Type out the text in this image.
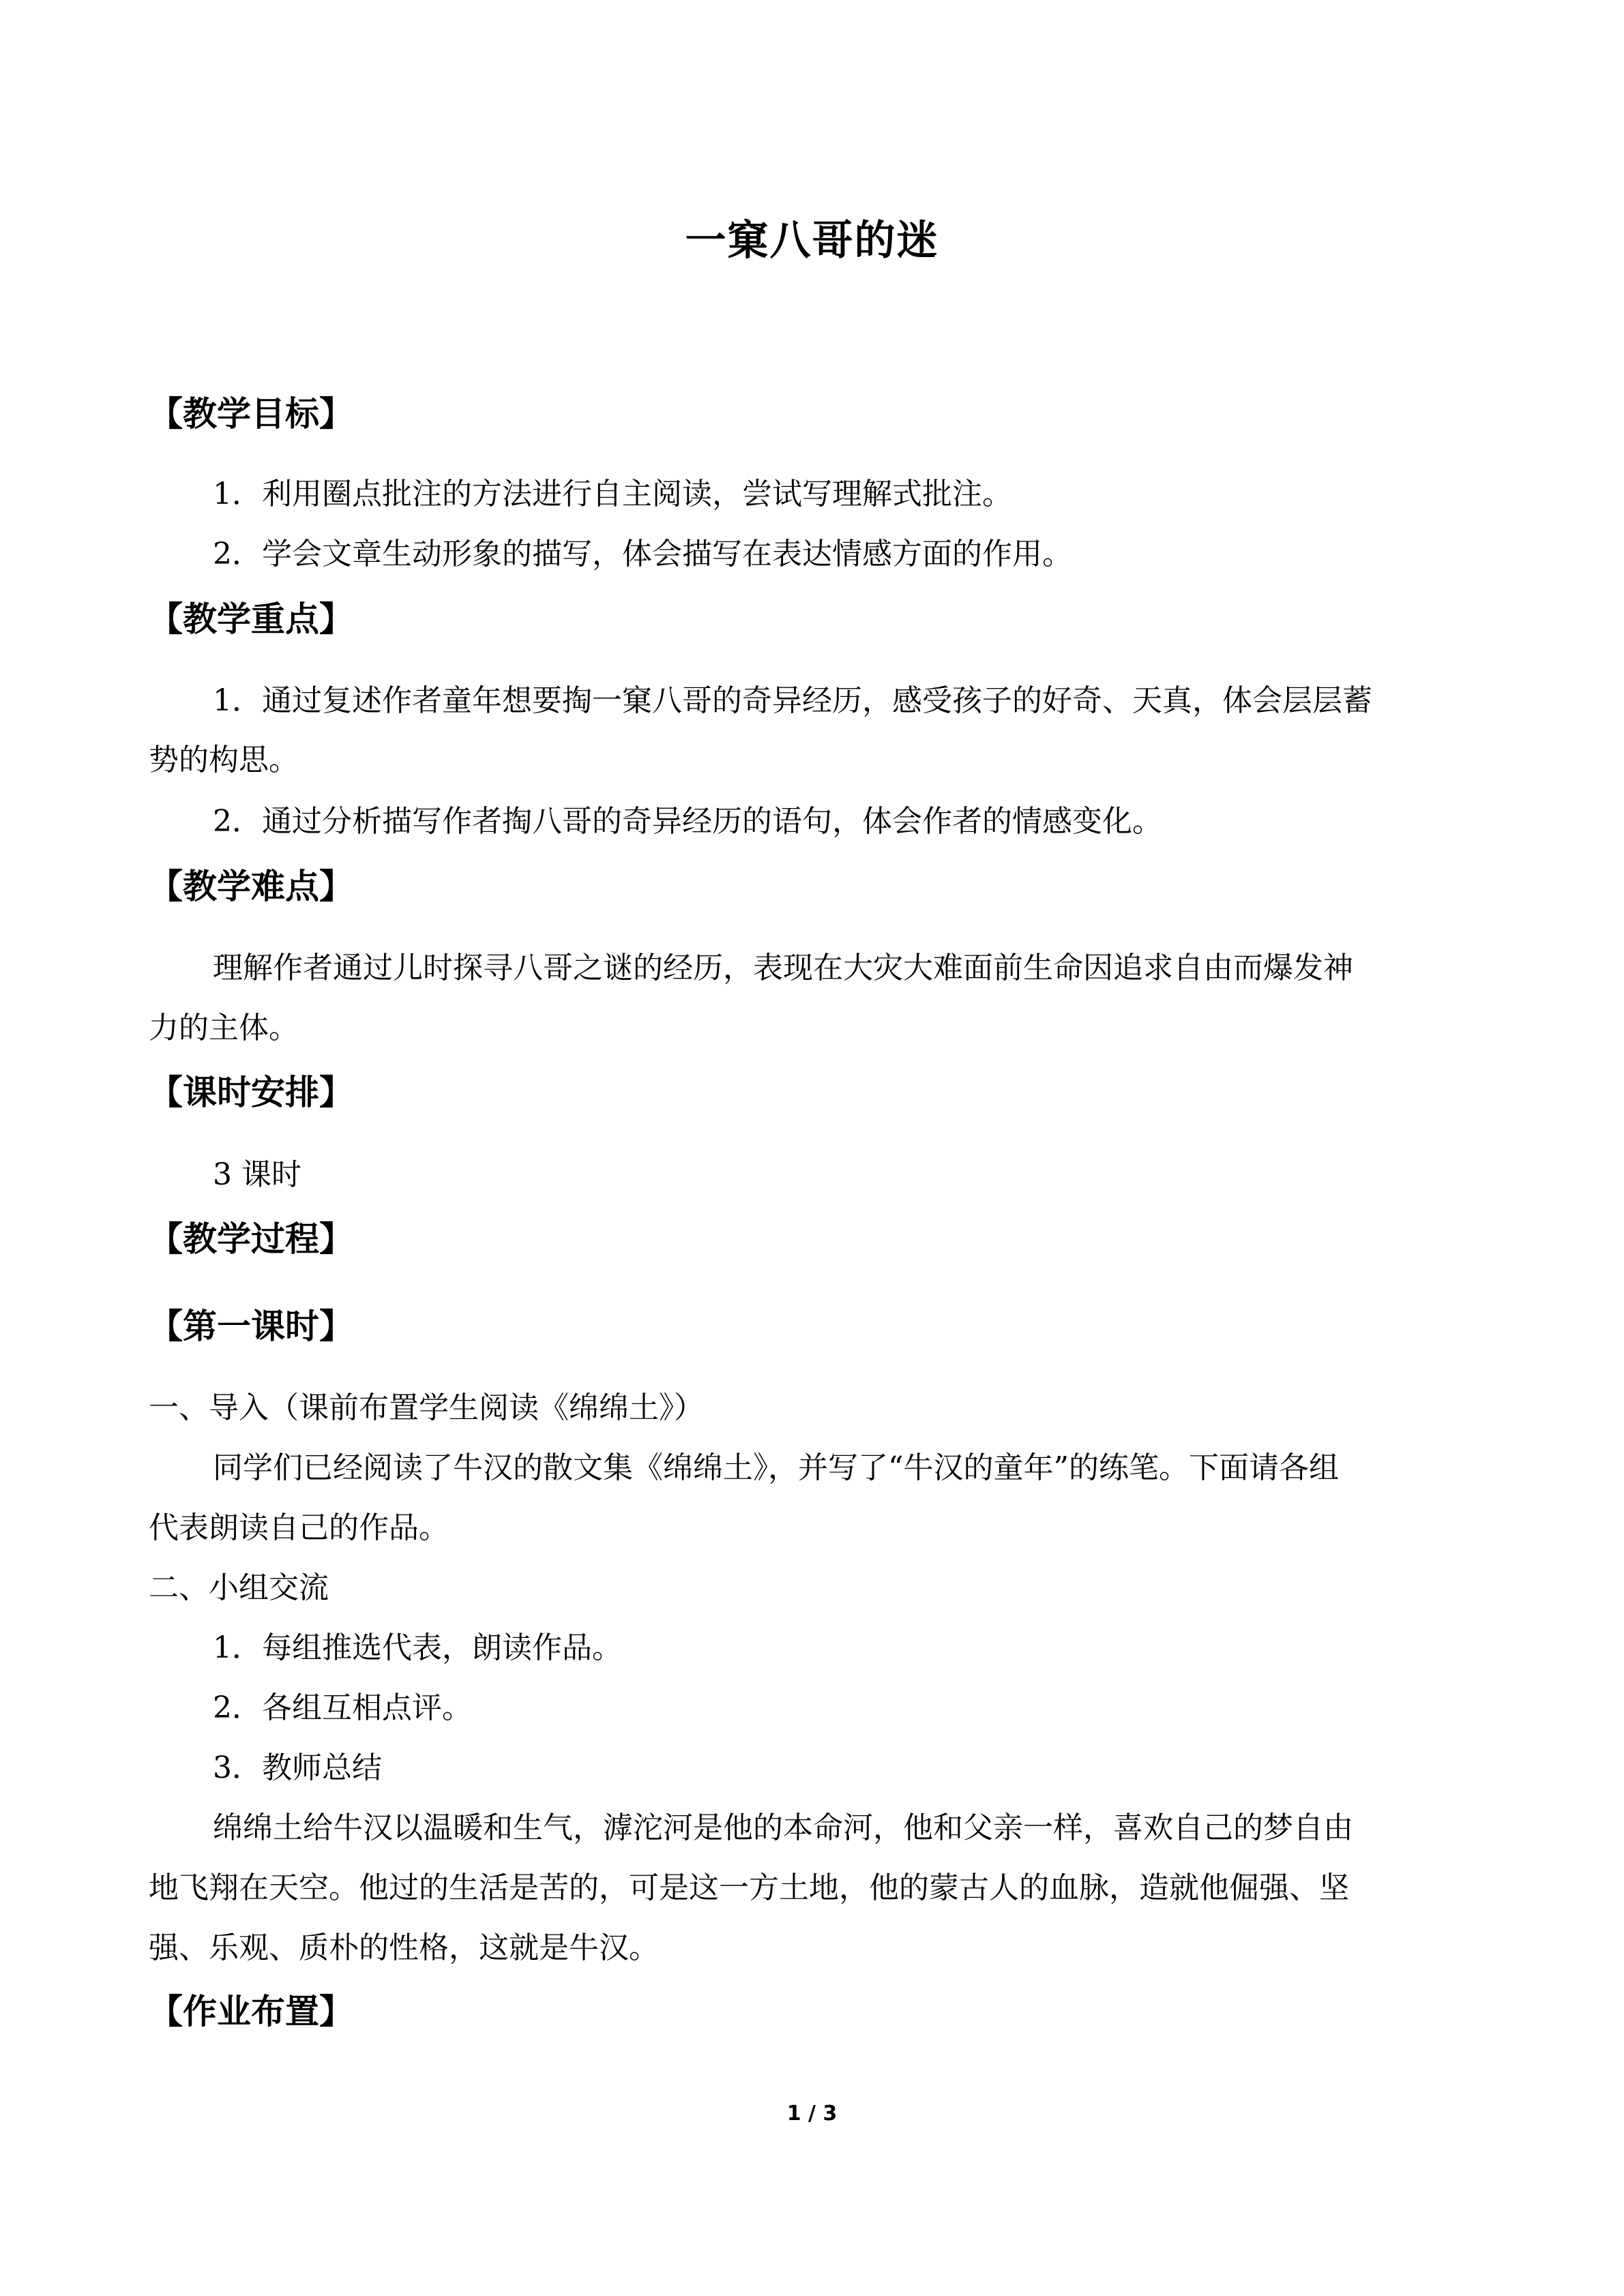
一窠八哥的迷
【教学目标】
1．利用圈点批注的方法进行自主阅读，尝试写理解式批注。
2．学会文章生动形象的描写，体会描写在表达情感方面的作用。
【教学重点】
1．通过复述作者童年想要掏一窠八哥的奇异经历，感受孩子的好奇、天真，体会层层蓄
势的构思。
2．通过分析描写作者掏八哥的奇异经历的语句，体会作者的情感变化。
【教学难点】
理解作者通过儿时探寻八哥之谜的经历，表现在大灾大难面前生命因追求自由而爆发神
力的主体。
【课时安排】
3 课时
【教学过程】
【第一课时】
一、导入（课前布置学生阅读《绵绵土》）
同学们已经阅读了牛汉的散文集《绵绵土》，并写了“牛汉的童年”的练笔。下面请各组
代表朗读自己的作品。
二、小组交流
1．每组推选代表，朗读作品。
2．各组互相点评。
3．教师总结
绵绵土给牛汉以温暖和生气，滹沱河是他的本命河，他和父亲一样，喜欢自己的梦自由
地飞翔在天空。他过的生活是苦的，可是这一方土地，他的蒙古人的血脉，造就他倔强、坚
强、乐观、质朴的性格，这就是牛汉。
【作业布置】
1 / 3
